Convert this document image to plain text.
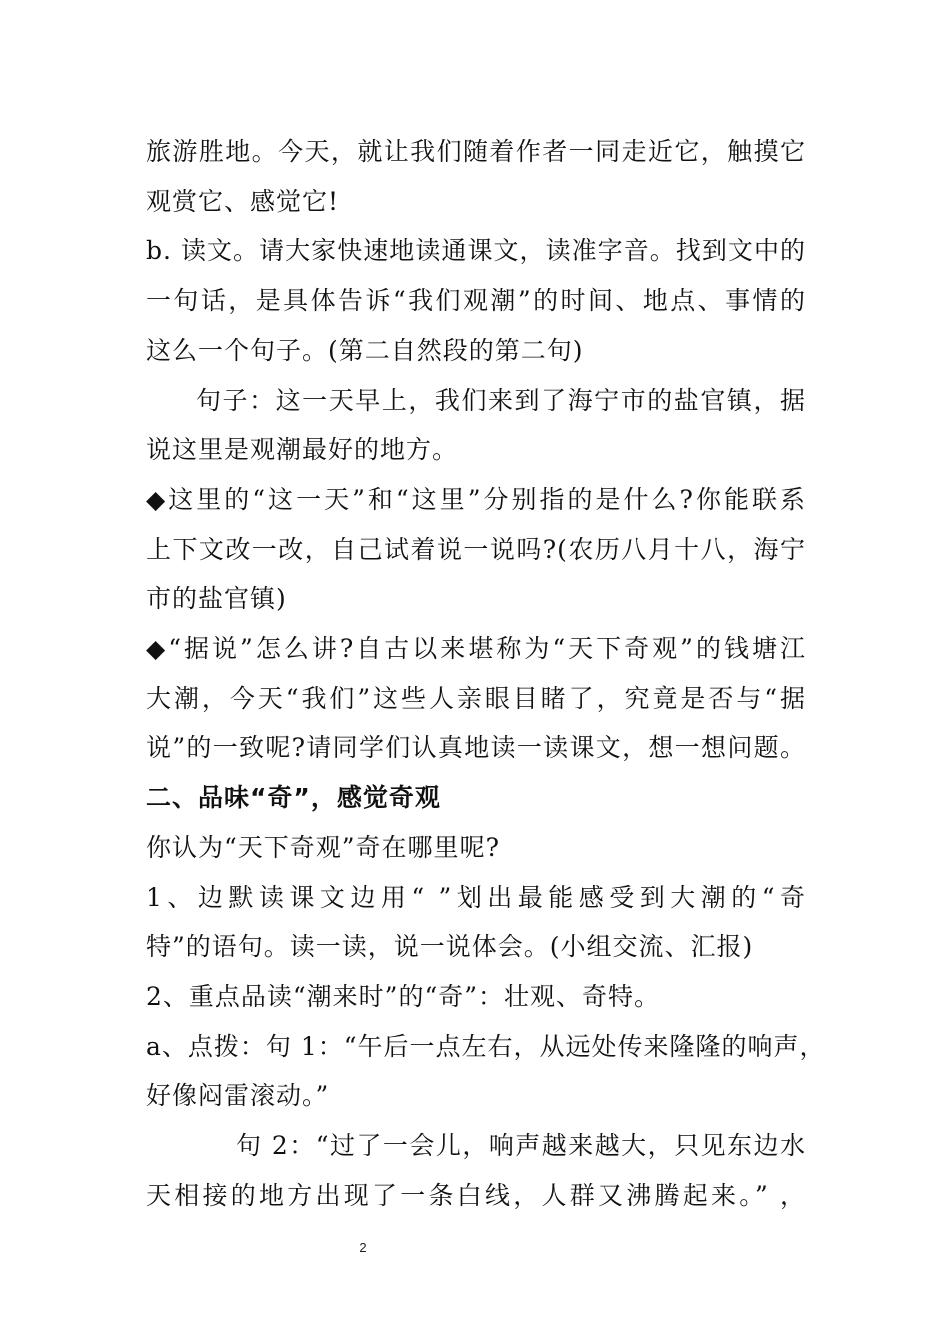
旅游胜地。今天，就让我们随着作者一同走近它，触摸它
观赏它、感觉它!
b. 读文。请大家快速地读通课文，读准字音。找到文中的
一句话，是具体告诉“我们观潮”的时间、地点、事情的
这么一个句子。(第二自然段的第二句)
句子：这一天早上，我们来到了海宁市的盐官镇，据
说这里是观潮最好的地方。
◆这里的“这一天”和“这里”分别指的是什么?你能联系
上下文改一改，自己试着说一说吗?(农历八月十八，海宁
市的盐官镇)
◆“据说”怎么讲?自古以来堪称为“天下奇观”的钱塘江
大潮，今天“我们”这些人亲眼目睹了，究竟是否与“据
说”的一致呢?请同学们认真地读一读课文，想一想问题。
二、品味“奇”，感觉奇观
你认为“天下奇观”奇在哪里呢?
1、边默读课文边用“ ”划出最能感受到大潮的“奇
特”的语句。读一读，说一说体会。(小组交流、汇报)
2、重点品读“潮来时”的“奇”：壮观、奇特。
a、点拨：句 1：“午后一点左右，从远处传来隆隆的响声，
好像闷雷滚动。”
句 2：“过了一会儿，响声越来越大，只见东边水
天相接的地方出现了一条白线，人群又沸腾起来。” ，
2
